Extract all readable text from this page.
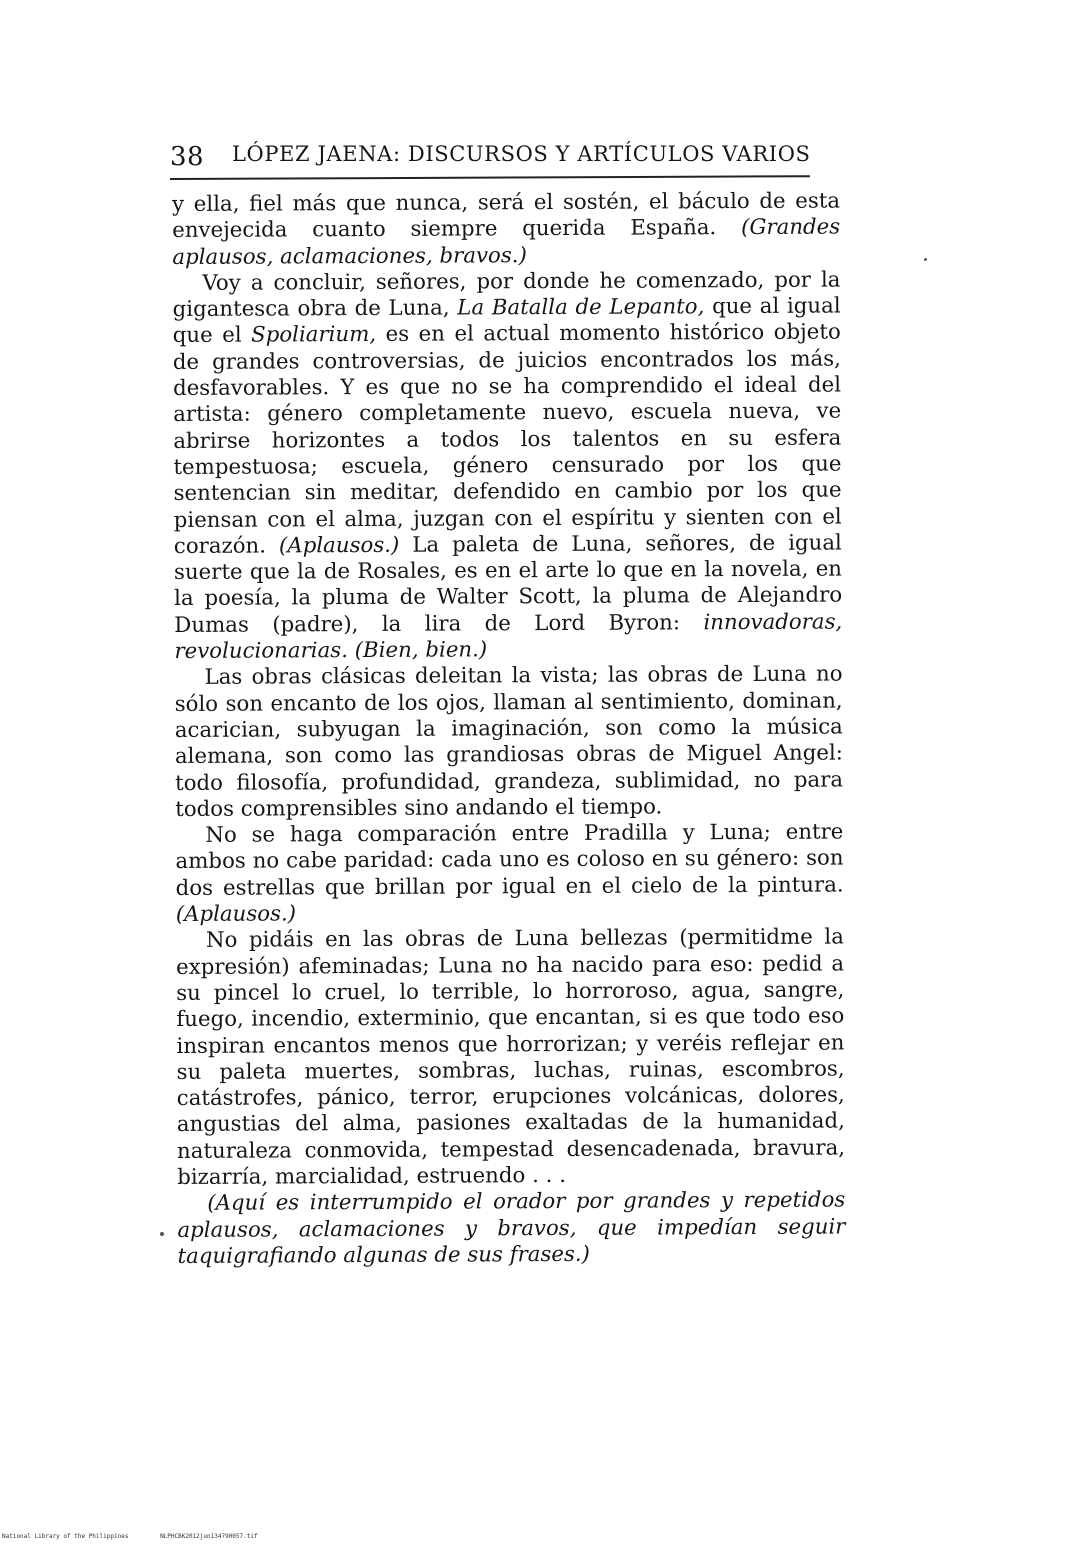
38 LÓPEZ JAENA: DISCURSOS Y ARTÍCULOS VARIOS

y ella, fiel más que nunca, será el sostén, el báculo de esta envejecida cuanto siempre querida España. (Grandes aplausos, aclamaciones, bravos.)

Voy a concluir, señores, por donde he comenzado, por la gigantesca obra de Luna, La Batalla de Lepanto, que al igual que el Spoliarium, es en el actual momento histórico objeto de grandes controversias, de juicios encontrados los más, desfavorables. Y es que no se ha comprendido el ideal del artista: género completamente nuevo, escuela nueva, ve abrirse horizontes a todos los talentos en su esfera tempestuosa; escuela, género censurado por los que sentencian sin meditar, defendido en cambio por los que piensan con el alma, juzgan con el espíritu y sienten con el corazón. (Aplausos.) La paleta de Luna, señores, de igual suerte que la de Rosales, es en el arte lo que en la novela, en la poesía, la pluma de Walter Scott, la pluma de Alejandro Dumas (padre), la lira de Lord Byron: innovadoras, revolucionarias. (Bien, bien.)

Las obras clásicas deleitan la vista; las obras de Luna no sólo son encanto de los ojos, llaman al sentimiento, dominan, acarician, subyugan la imaginación, son como la música alemana, son como las grandiosas obras de Miguel Angel: todo filosofía, profundidad, grandeza, sublimidad, no para todos comprensibles sino andando el tiempo.

No se haga comparación entre Pradilla y Luna; entre ambos no cabe paridad: cada uno es coloso en su género: son dos estrellas que brillan por igual en el cielo de la pintura. (Aplausos.)

No pidáis en las obras de Luna bellezas (permitidme la expresión) afeminadas; Luna no ha nacido para eso: pedid a su pincel lo cruel, lo terrible, lo horroroso, agua, sangre, fuego, incendio, exterminio, que encantan, si es que todo eso inspiran encantos menos que horrorizan; y veréis reflejar en su paleta muertes, sombras, luchas, ruinas, escombros, catástrofes, pánico, terror, erupciones volcánicas, dolores, angustias del alma, pasiones exaltadas de la humanidad, naturaleza conmovida, tempestad desencadenada, bravura, bizarría, marcialidad, estruendo . . .

(Aquí es interrumpido el orador por grandes y repetidos aplausos, aclamaciones y bravos, que impedían seguir taquigrafiando algunas de sus frases.)

National Library of the Philippines	NLPHCBK2012jun134790057.tif
